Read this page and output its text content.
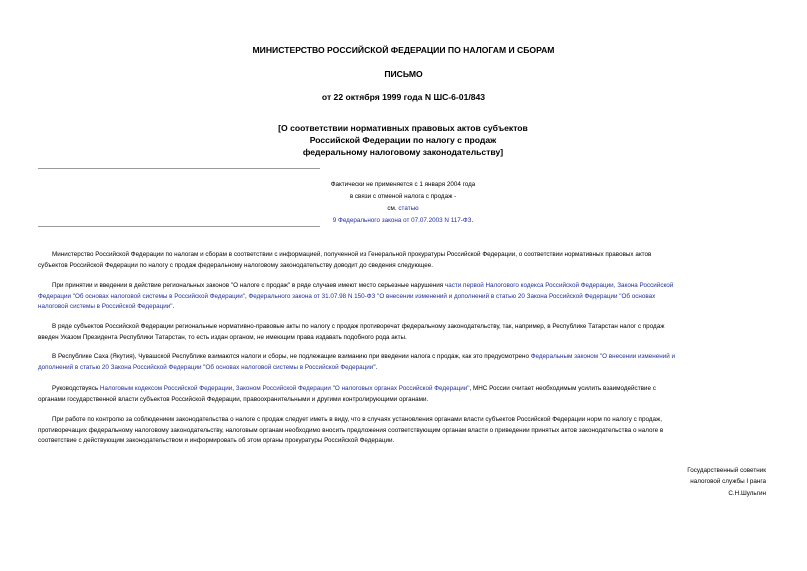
МИНИСТЕРСТВО РОССИЙСКОЙ ФЕДЕРАЦИИ ПО НАЛОГАМ И СБОРАМ
ПИСЬМО
от 22 октября 1999 года N ШС-6-01/843
[О соответствии нормативных правовых актов субъектов
Российской Федерации по налогу с продаж
федеральному налоговому законодательству]
Фактически не применяется с 1 января 2004 года
в связи с отменой налога с продаж -
см. статью
9 Федерального закона от 07.07.2003 N 117-ФЗ.
Министерство Российской Федерации по налогам и сборам в соответствии с информацией, полученной из Генеральной прокуратуры Российской Федерации, о соответствии нормативных правовых актов
субъектов Российской Федерации по налогу с продаж федеральному налоговому законодательству доводит до сведения следующее.
При принятии и введении в действие региональных законов "О налоге с продаж" в ряде случаев имеют место серьезные нарушения части первой Налогового кодекса Российской Федерации, Закона Российской
Федерации "Об основах налоговой системы в Российской Федерации", Федерального закона от 31.07.98 N 150-ФЗ "О внесении изменений и дополнений в статью 20 Закона Российской Федерации "Об основах
налоговой системы в Российской Федерации".
В ряде субъектов Российской Федерации региональные нормативно-правовые акты по налогу с продаж противоречат федеральному законодательству, так, например, в Республике Татарстан налог с продаж
введен Указом Президента Республики Татарстан, то есть издан органом, не имеющим права издавать подобного рода акты.
В Республике Саха (Якутия), Чувашской Республике взимаются налоги и сборы, не подлежащие взиманию при введении налога с продаж, как это предусмотрено Федеральным законом "О внесении изменений и
дополнений в статью 20 Закона Российской Федерации "Об основах налоговой системы в Российской Федерации".
Руководствуясь Налоговым кодексом Российской Федерации, Законом Российской Федерации "О налоговых органах Российской Федерации", МНС России считает необходимым усилить взаимодействие с
органами государственной власти субъектов Российской Федерации, правоохранительными и другими контролирующими органами.
При работе по контролю за соблюдением законодательства о налоге с продаж следует иметь в виду, что в случаях установления органами власти субъектов Российской Федерации норм по налогу с продаж,
противоречащих федеральному налоговому законодательству, налоговым органам необходимо вносить предложения соответствующим органам власти о приведении принятых актов законодательства о налоге в
соответствие с действующим законодательством и информировать об этом органы прокуратуры Российской Федерации.
Государственный советник
налоговой службы I ранга
С.Н.Шульгин
